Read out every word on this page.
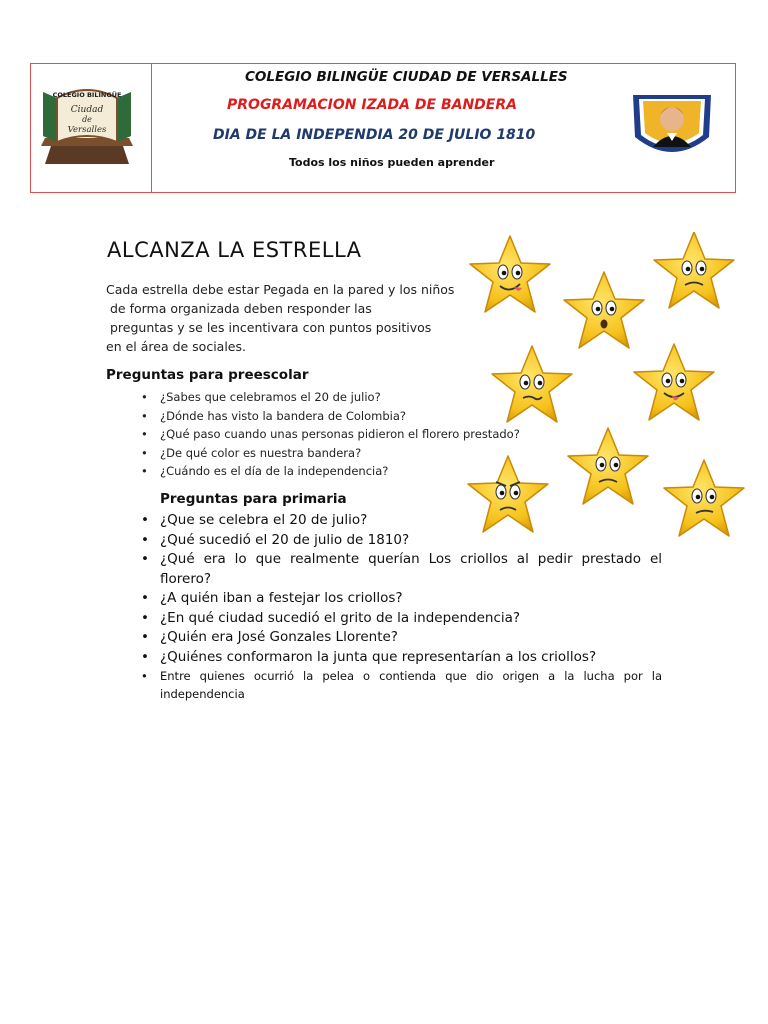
COLEGIO BILINGÜE
Ciudad
de
Versalles
COLEGIO BILINGÜE CIUDAD DE VERSALLES
PROGRAMACION IZADA DE BANDERA
DIA DE LA INDEPENDIA 20 DE JULIO 1810
Todos los niños pueden aprender
ALCANZA LA ESTRELLA
Cada estrella debe estar Pegada en la pared y los niños
de forma organizada deben responder las
preguntas y se les incentivara con puntos positivos
en el área de sociales.
Preguntas para preescolar
• ¿Sabes que celebramos el 20 de julio?
• ¿Dónde has visto la bandera de Colombia?
• ¿Qué paso cuando unas personas pidieron el florero prestado?
• ¿De qué color es nuestra bandera?
• ¿Cuándo es el día de la independencia?
Preguntas para primaria
• ¿Que se celebra el 20 de julio?
• ¿Qué sucedió el 20 de julio de 1810?
• ¿Qué era lo que realmente querían Los criollos al pedir prestado el florero?
• ¿A quién iban a festejar los criollos?
• ¿En qué ciudad sucedió el grito de la independencia?
• ¿Quién era José Gonzales Llorente?
• ¿Quiénes conformaron la junta que representarían a los criollos?
• Entre quienes ocurrió la pelea o contienda que dio origen a la lucha por la independencia
